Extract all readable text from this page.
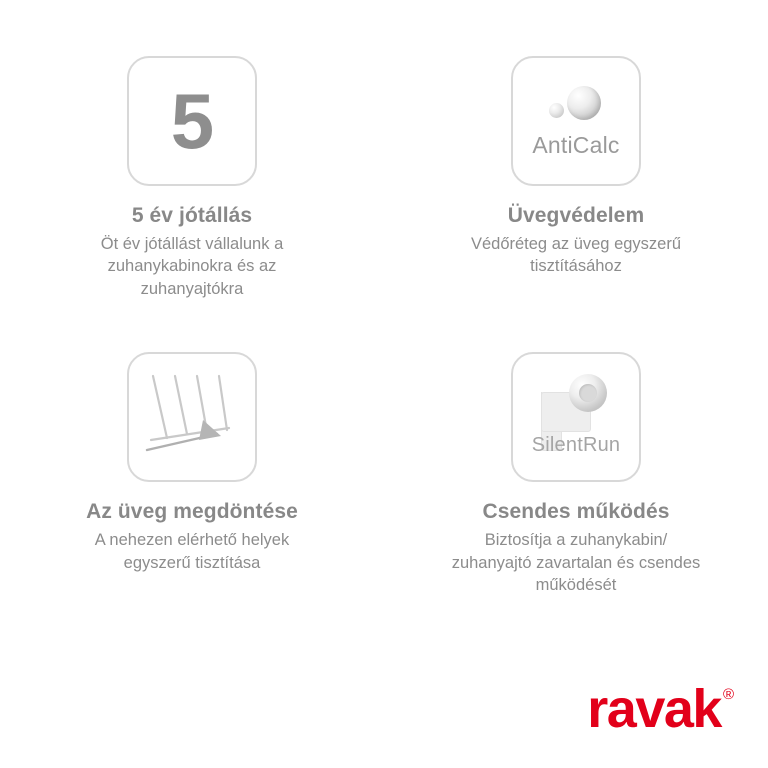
5
5 év jótállás
Öt év jótállást vállalunk a zuhanykabinokra és az zuhanyajtókra
AntiCalc
Üvegvédelem
Védőréteg az üveg egyszerű tisztításához
Az üveg megdöntése
A nehezen elérhető helyek egyszerű tisztítása
SilentRun
Csendes működés
Biztosítja a zuhanykabin/ zuhanyajtó zavartalan és csendes működését
ravak ®
